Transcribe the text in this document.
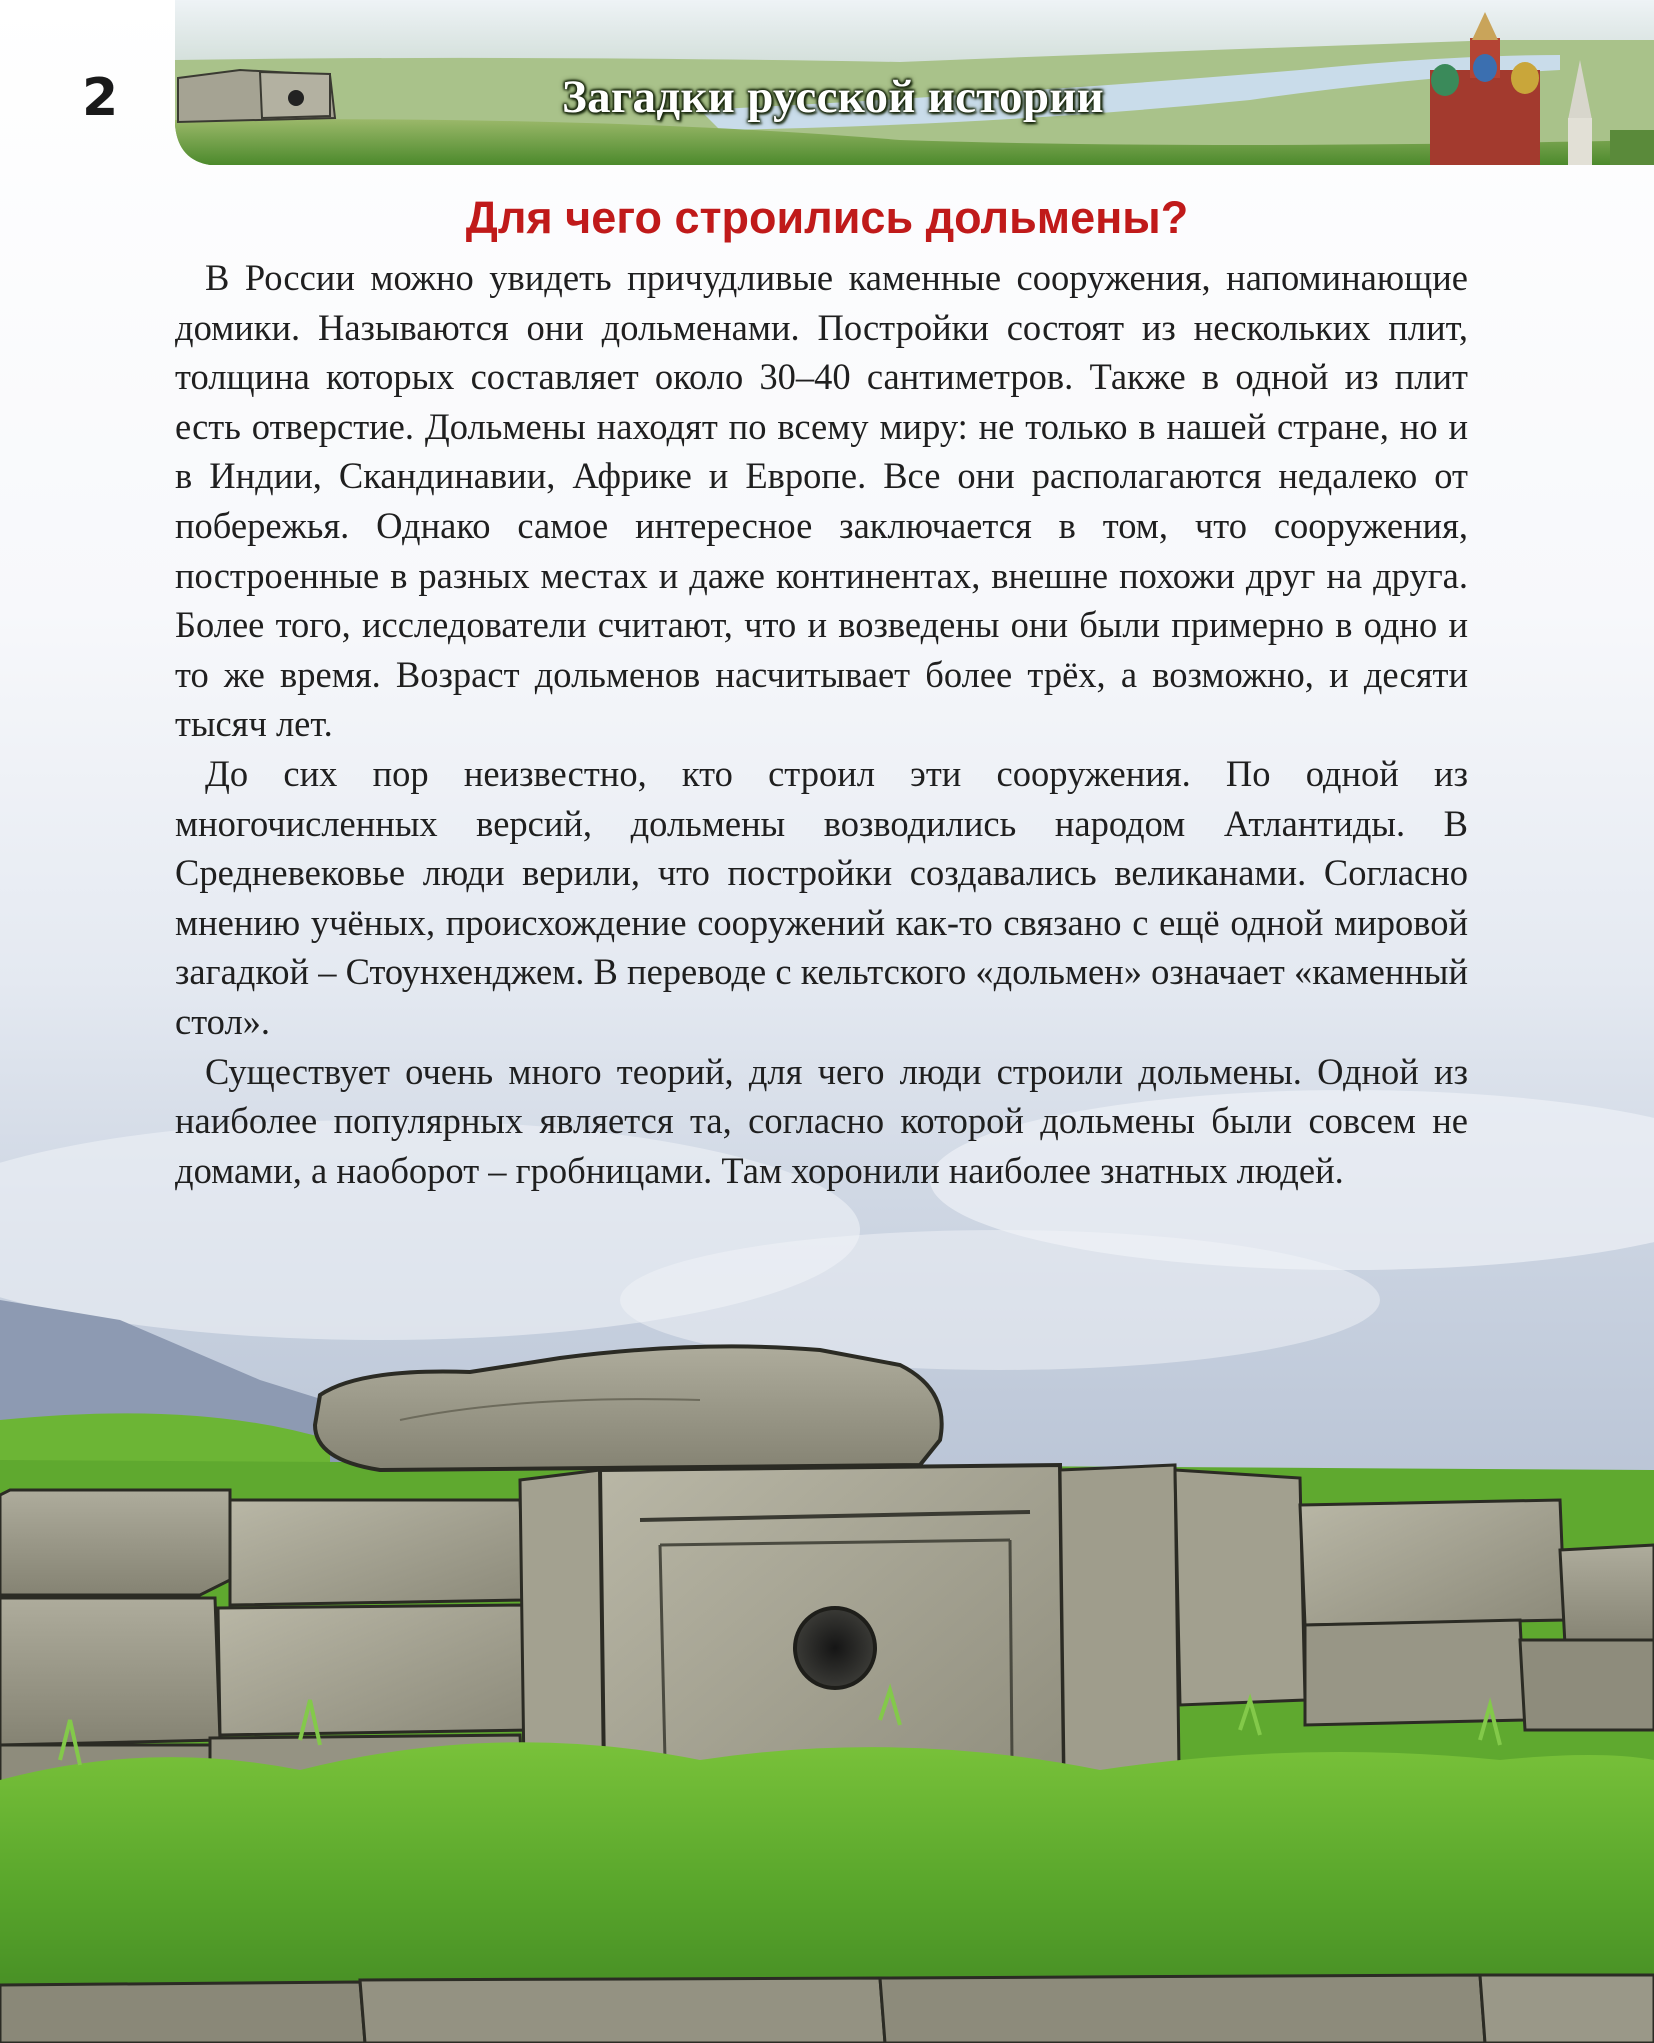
2	Загадки русской истории
Для чего строились дольмены?

В России можно увидеть причудливые каменные сооружения, напоминающие домики. Называются они дольменами. Постройки состоят из нескольких плит, толщина которых составляет около 30–40 сантиметров. Также в одной из плит есть отверстие. Дольмены находят по всему миру: не только в нашей стране, но и в Индии, Скандинавии, Африке и Европе. Все они располагаются недалеко от побережья. Однако самое интересное заключается в том, что сооружения, построенные в разных местах и даже континентах, внешне похожи друг на друга. Более того, исследователи считают, что и возведены они были примерно в одно и то же время. Возраст дольменов насчитывает более трёх, а возможно, и десяти тысяч лет.

До сих пор неизвестно, кто строил эти сооружения. По одной из многочисленных версий, дольмены возводились народом Атлантиды. В Средневековье люди верили, что постройки создавались великанами. Согласно мнению учёных, происхождение сооружений как-то связано с ещё одной мировой загадкой – Стоунхенджем. В переводе с кельтского «дольмен» означает «каменный стол».

Существует очень много теорий, для чего люди строили дольмены. Одной из наиболее популярных является та, согласно которой дольмены были совсем не домами, а наоборот – гробницами. Там хоронили наиболее знатных людей.
